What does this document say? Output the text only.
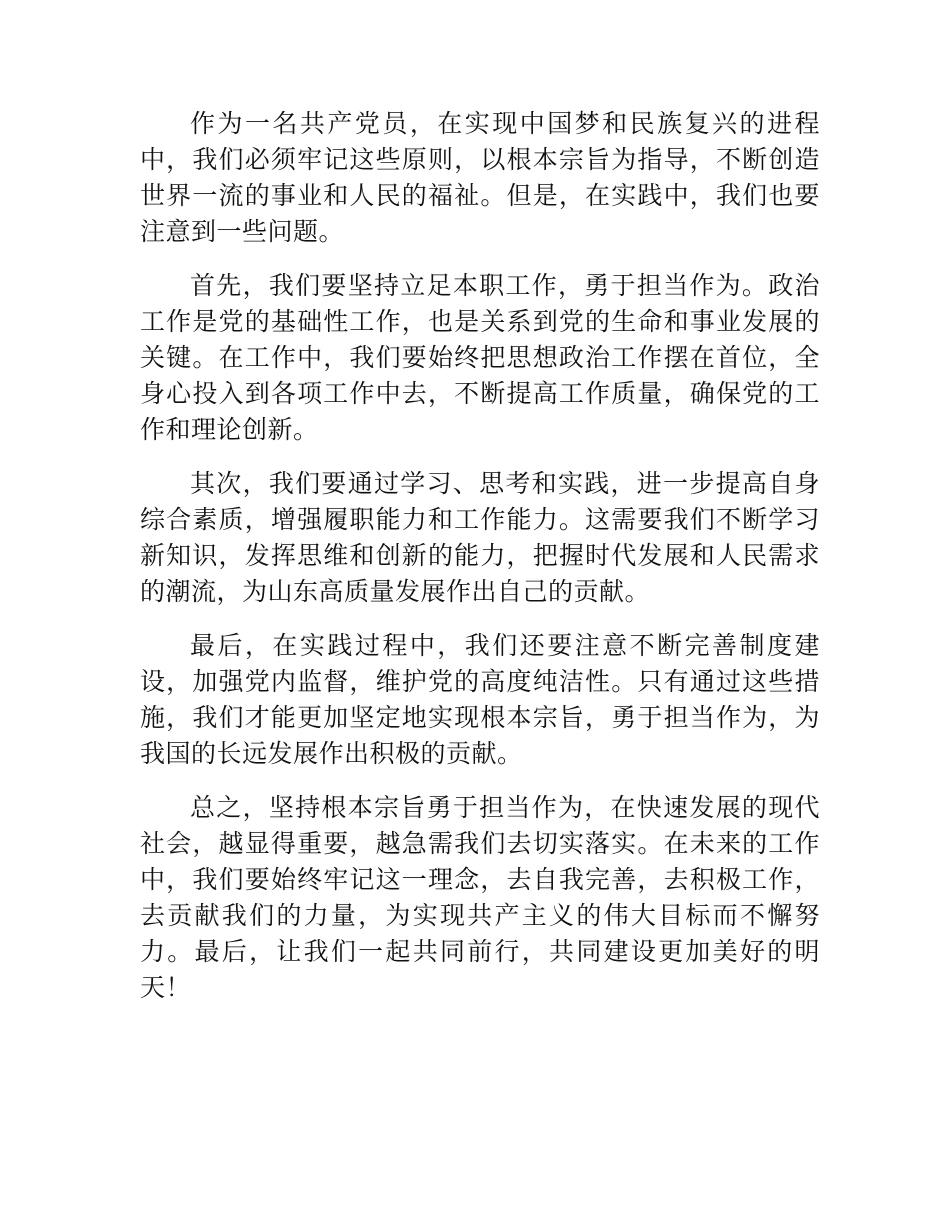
作为一名共产党员，在实现中国梦和民族复兴的进程中，我们必须牢记这些原则，以根本宗旨为指导，不断创造世界一流的事业和人民的福祉。但是，在实践中，我们也要注意到一些问题。

首先，我们要坚持立足本职工作，勇于担当作为。政治工作是党的基础性工作，也是关系到党的生命和事业发展的关键。在工作中，我们要始终把思想政治工作摆在首位，全身心投入到各项工作中去，不断提高工作质量，确保党的工作和理论创新。

其次，我们要通过学习、思考和实践，进一步提高自身综合素质，增强履职能力和工作能力。这需要我们不断学习新知识，发挥思维和创新的能力，把握时代发展和人民需求的潮流，为山东高质量发展作出自己的贡献。

最后，在实践过程中，我们还要注意不断完善制度建设，加强党内监督，维护党的高度纯洁性。只有通过这些措施，我们才能更加坚定地实现根本宗旨，勇于担当作为，为我国的长远发展作出积极的贡献。

总之，坚持根本宗旨勇于担当作为，在快速发展的现代社会，越显得重要，越急需我们去切实落实。在未来的工作中，我们要始终牢记这一理念，去自我完善，去积极工作，去贡献我们的力量，为实现共产主义的伟大目标而不懈努力。最后，让我们一起共同前行，共同建设更加美好的明天！
